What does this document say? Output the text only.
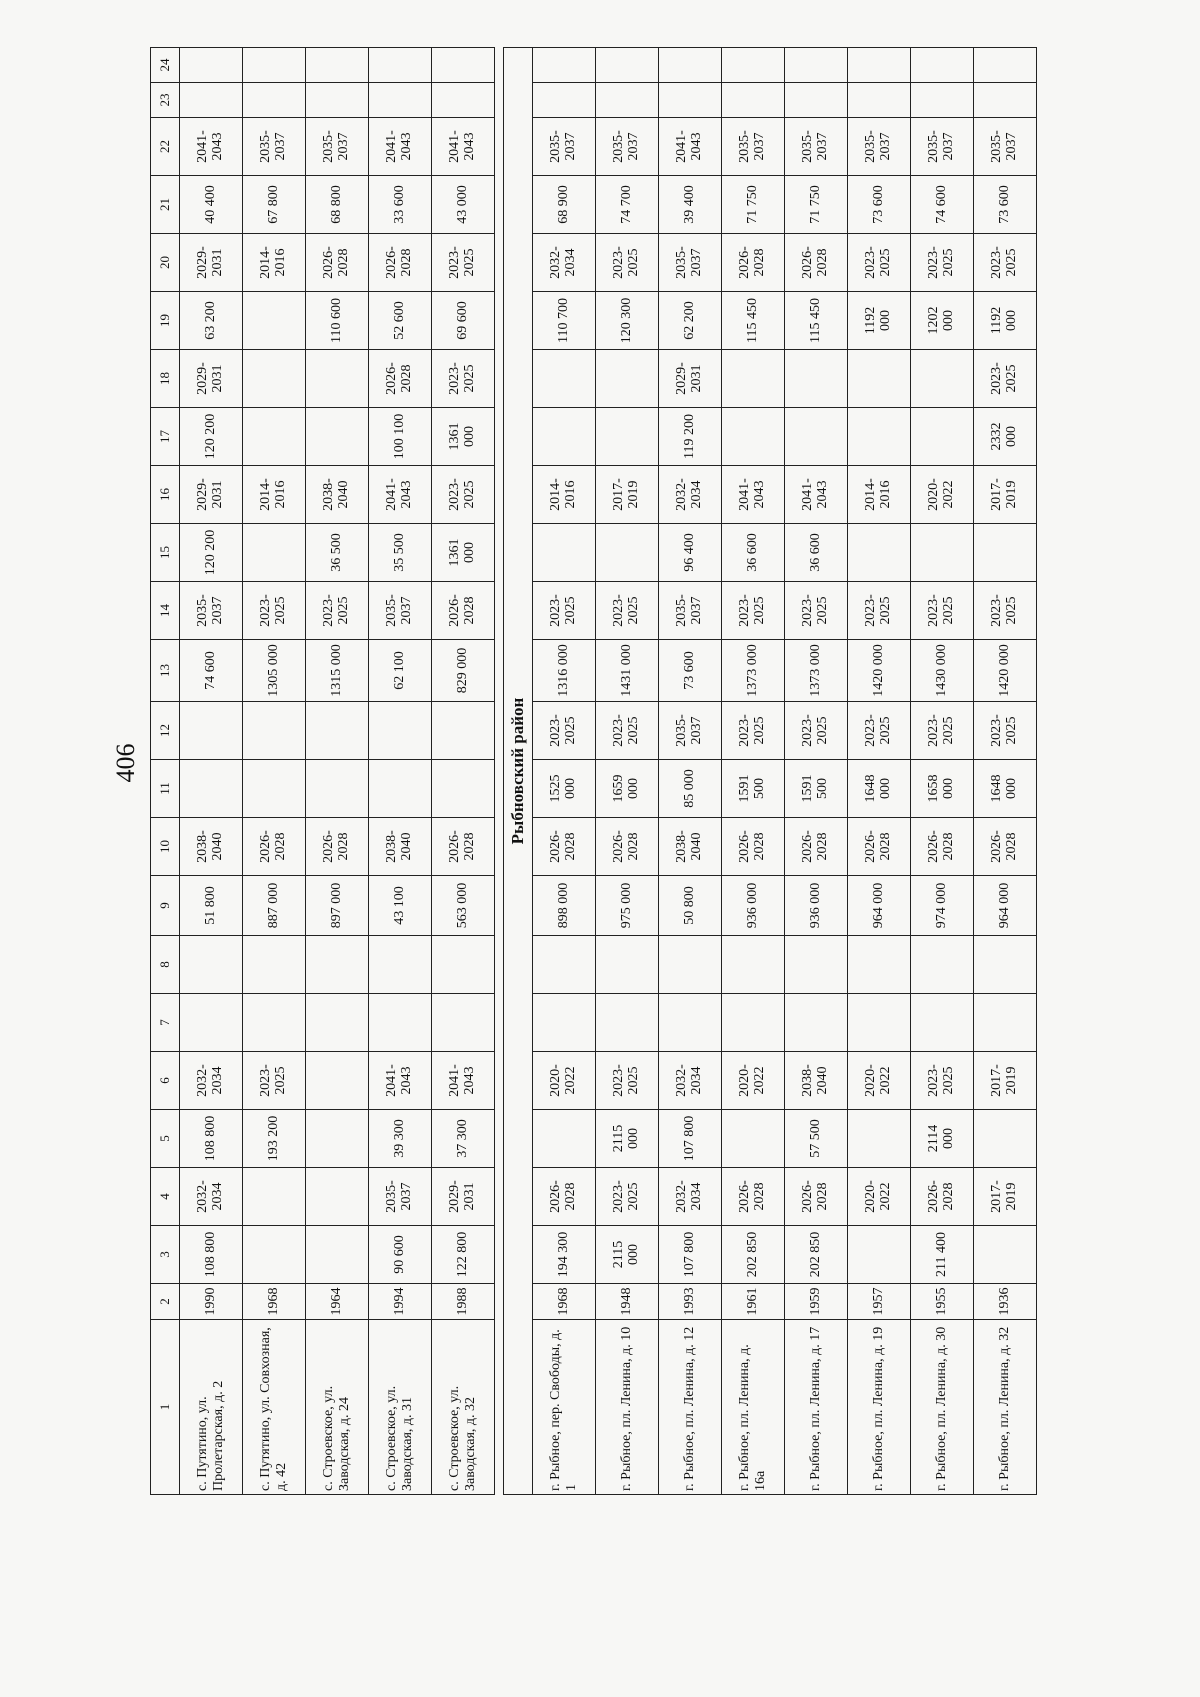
406
1	2	3	4	5	6	7	8	9	10	11	12	13	14	15	16	17	18	19	20	21	22	23	24
с. Путятино, ул. Пролетарская, д. 2	1990	108 800	2032-2034	108 800	2032-2034			51 800	2038-2040			74 600	2035-2037	120 200	2029-2031	120 200	2029-2031	63 200	2029-2031	40 400	2041-2043		
с. Путятино, ул. Совхозная, д. 42	1968			193 200	2023-2025			887 000	2026-2028			1305 000	2023-2025		2014-2016				2014-2016	67 800	2035-2037		
с. Строевское, ул. Заводская, д. 24	1964							897 000	2026-2028			1315 000	2023-2025	36 500	2038-2040			110 600	2026-2028	68 800	2035-2037		
с. Строевское, ул. Заводская, д. 31	1994	90 600	2035-2037	39 300	2041-2043			43 100	2038-2040			62 100	2035-2037	35 500	2041-2043	100 100	2026-2028	52 600	2026-2028	33 600	2041-2043		
с. Строевское, ул. Заводская, д. 32	1988	122 800	2029-2031	37 300	2041-2043			563 000	2026-2028			829 000	2026-2028	1361 000	2023-2025	1361 000	2023-2025	69 600	2023-2025	43 000	2041-2043		

Рыбновский район																							
г. Рыбное, пер. Свободы, д. 1	1968	194 300	2026-2028		2020-2022			898 000	2026-2028	1525 000	2023-2025	1316 000	2023-2025		2014-2016			110 700	2032-2034	68 900	2035-2037		
г. Рыбное, пл. Ленина, д. 10	1948	2115 000	2023-2025	2115 000	2023-2025			975 000	2026-2028	1659 000	2023-2025	1431 000	2023-2025		2017-2019			120 300	2023-2025	74 700	2035-2037		
г. Рыбное, пл. Ленина, д. 12	1993	107 800	2032-2034	107 800	2032-2034			50 800	2038-2040	85 000	2035-2037	73 600	2035-2037	96 400	2032-2034	119 200	2029-2031	62 200	2035-2037	39 400	2041-2043		
г. Рыбное, пл. Ленина, д. 16а	1961	202 850	2026-2028		2020-2022			936 000	2026-2028	1591 500	2023-2025	1373 000	2023-2025	36 600	2041-2043			115 450	2026-2028	71 750	2035-2037		
г. Рыбное, пл. Ленина, д. 17	1959	202 850	2026-2028	57 500	2038-2040			936 000	2026-2028	1591 500	2023-2025	1373 000	2023-2025	36 600	2041-2043			115 450	2026-2028	71 750	2035-2037		
г. Рыбное, пл. Ленина, д. 19	1957		2020-2022		2020-2022			964 000	2026-2028	1648 000	2023-2025	1420 000	2023-2025		2014-2016			1192 000	2023-2025	73 600	2035-2037		
г. Рыбное, пл. Ленина, д. 30	1955	211 400	2026-2028	2114 000	2023-2025			974 000	2026-2028	1658 000	2023-2025	1430 000	2023-2025		2020-2022			1202 000	2023-2025	74 600	2035-2037		
г. Рыбное, пл. Ленина, д. 32	1936		2017-2019		2017-2019			964 000	2026-2028	1648 000	2023-2025	1420 000	2023-2025		2017-2019	2332 000	2023-2025	1192 000	2023-2025	73 600	2035-2037		
